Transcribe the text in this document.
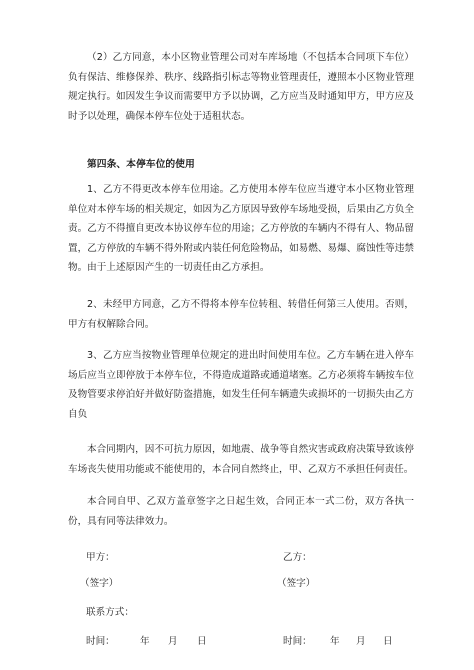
（2）乙方同意，本小区物业管理公司对车库场地（不包括本合同项下车位）负有保洁、维修保养、秩序、线路指引标志等物业管理责任，遵照本小区物业管理规定执行。如因发生争议而需要甲方予以协调，乙方应当及时通知甲方，甲方应及时予以处理，确保本停车位处于适租状态。

第四条、本停车位的使用

1、乙方不得更改本停车位用途。乙方使用本停车位应当遵守本小区物业管理单位对本停车场的相关规定，如因为乙方原因导致停车场地受损，后果由乙方负全责。乙方不得擅自更改本协议停车位的用途；乙方停放的车辆内不得有人、物品留置，乙方停放的车辆不得外附或内装任何危险物品，如易燃、易爆、腐蚀性等违禁物。由于上述原因产生的一切责任由乙方承担。

2、未经甲方同意，乙方不得将本停车位转租、转借任何第三人使用。否则，甲方有权解除合同。

3、乙方应当按物业管理单位规定的进出时间使用车位。乙方车辆在进入停车场后应当立即停放于本停车位，不得造成道路或通道堵塞。乙方必须将车辆按车位及物管要求停泊好并做好防盗措施，如发生任何车辆遗失或损坏的一切损失由乙方自负

本合同期内，因不可抗力原因，如地震、战争等自然灾害或政府决策导致该停车场丧失使用功能或不能使用的，本合同自然终止，甲、乙双方不承担任何责任。

本合同自甲、乙双方盖章签字之日起生效，合同正本一式二份，双方各执一份，具有同等法律效力。

甲方：	乙方：
（签字）	（签字）
联系方式：
时间：	年 月 日	时间： 年 月 日
